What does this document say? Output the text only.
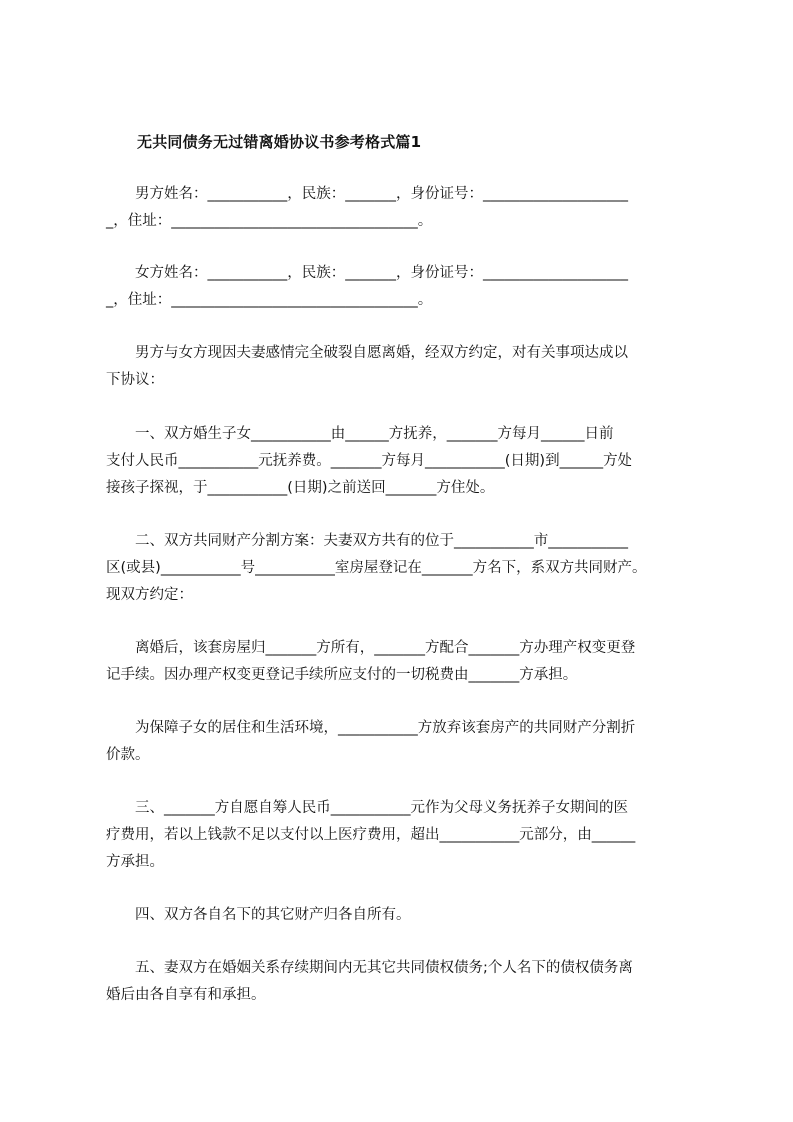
无共同债务无过错离婚协议书参考格式篇1
　　男方姓名：___________，民族：_______，身份证号：____________________
_，住址：__________________________________。
　　女方姓名：___________，民族：_______，身份证号：____________________
_，住址：__________________________________。
　　男方与女方现因夫妻感情完全破裂自愿离婚，经双方约定，对有关事项达成以
下协议：
　　一、双方婚生子女___________由______方抚养，_______方每月______日前
支付人民币___________元抚养费。_______方每月___________(日期)到______方处
接孩子探视，于___________(日期)之前送回_______方住处。
　　二、双方共同财产分割方案：夫妻双方共有的位于___________市___________
区(或县)___________号___________室房屋登记在_______方名下，系双方共同财产。
现双方约定：
　　离婚后，该套房屋归_______方所有，_______方配合_______方办理产权变更登
记手续。因办理产权变更登记手续所应支付的一切税费由_______方承担。
　　为保障子女的居住和生活环境，___________方放弃该套房产的共同财产分割折
价款。
　　三、_______方自愿自筹人民币___________元作为父母义务抚养子女期间的医
疗费用，若以上钱款不足以支付以上医疗费用，超出___________元部分，由______
方承担。
　　四、双方各自名下的其它财产归各自所有。
　　五、妻双方在婚姻关系存续期间内无其它共同债权债务;个人名下的债权债务离
婚后由各自享有和承担。
